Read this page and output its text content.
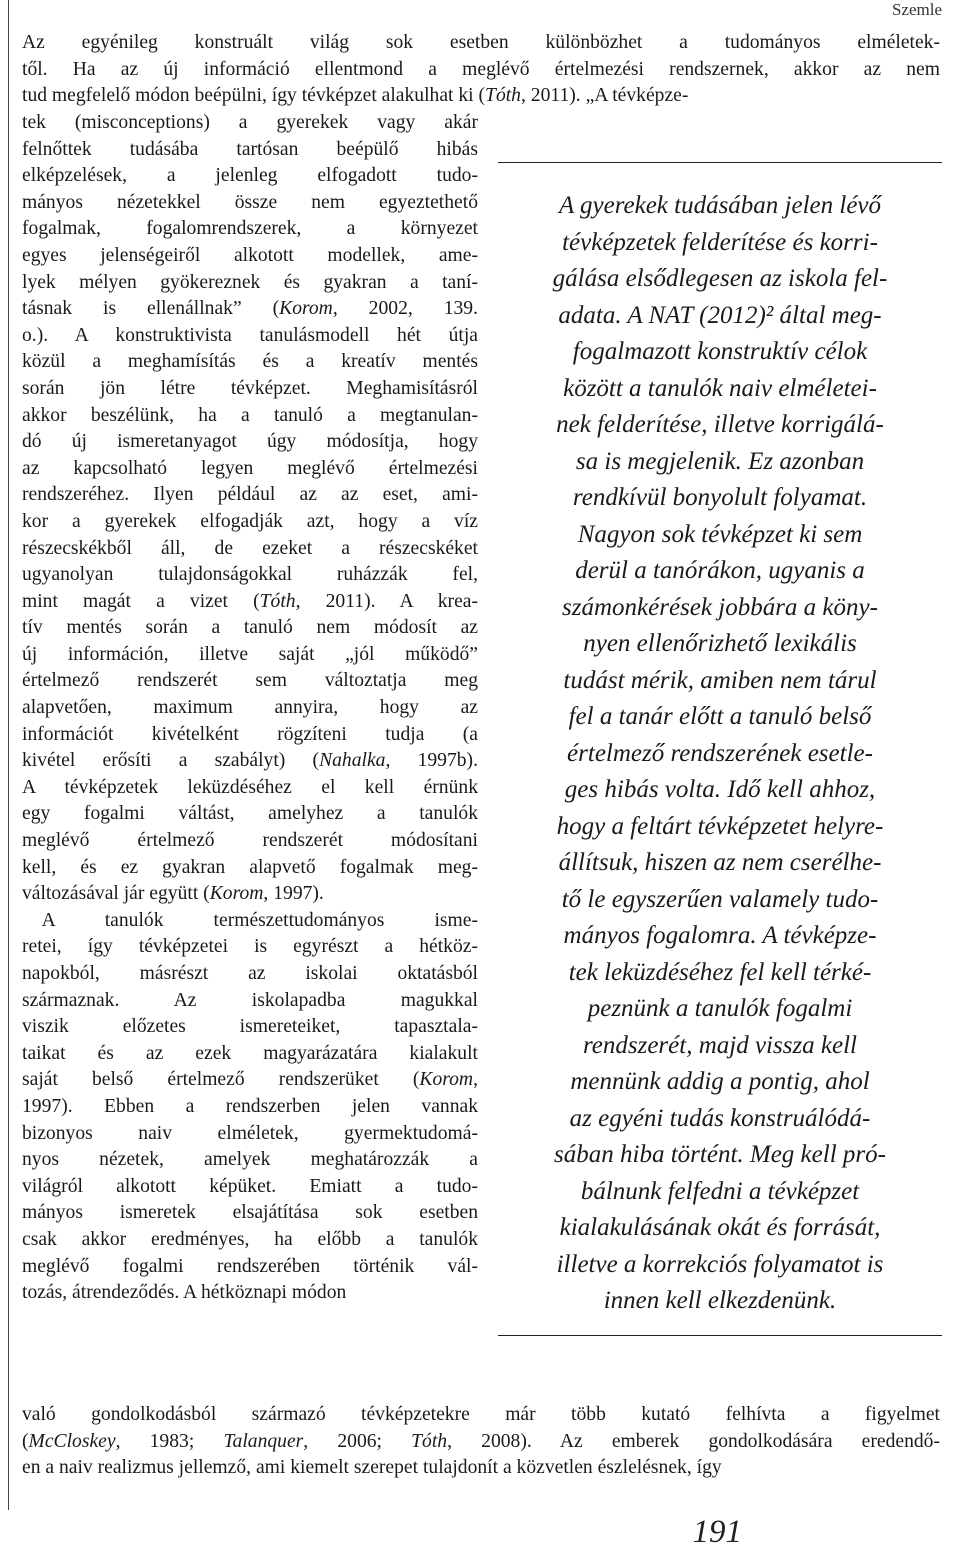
Szemle
Az egyénileg konstruált világ sok esetben különbözhet a tudományos elméletek-
től. Ha az új információ ellentmond a meglévő értelmezési rendszernek, akkor az nem
tud megfelelő módon beépülni, így tévképzet alakulhat ki (Tóth, 2011). „A tévképze-
tek (misconceptions) a gyerekek vagy akár
felnőttek tudásába tartósan beépülő hibás
elképzelések, a jelenleg elfogadott tudo-
mányos nézetekkel össze nem egyeztethető
fogalmak, fogalomrendszerek, a környezet
egyes jelenségeiről alkotott modellek, ame-
lyek mélyen gyökereznek és gyakran a taní-
tásnak is ellenállnak” (Korom, 2002, 139.
o.). A konstruktivista tanulásmodell hét útja
közül a meghamísítás és a kreatív mentés
során jön létre tévképzet. Meghamisításról
akkor beszélünk, ha a tanuló a megtanulan-
dó új ismeretanyagot úgy módosítja, hogy
az kapcsolható legyen meglévő értelmezési
rendszeréhez. Ilyen például az az eset, ami-
kor a gyerekek elfogadják azt, hogy a víz
részecskékből áll, de ezeket a részecskéket
ugyanolyan tulajdonságokkal ruházzák fel,
mint magát a vizet (Tóth, 2011). A krea-
tív mentés során a tanuló nem módosít az
új információn, illetve saját „jól működő”
értelmező rendszerét sem változtatja meg
alapvetően, maximum annyira, hogy az
információt kivételként rögzíteni tudja (a
kivétel erősíti a szabályt) (Nahalka, 1997b).
A tévképzetek leküzdéséhez el kell érnünk
egy fogalmi váltást, amelyhez a tanulók
meglévő értelmező rendszerét módosítani
kell, és ez gyakran alapvető fogalmak meg-
változásával jár együtt (Korom, 1997).
 A tanulók természettudományos isme-
retei, így tévképzetei is egyrészt a hétköz-
napokból, másrészt az iskolai oktatásból
származnak. Az iskolapadba magukkal
viszik előzetes ismereteiket, tapasztala-
taikat és az ezek magyarázatára kialakult
saját belső értelmező rendszerüket (Korom,
1997). Ebben a rendszerben jelen vannak
bizonyos naiv elméletek, gyermektudomá-
nyos nézetek, amelyek meghatározzák a
világról alkotott képüket. Emiatt a tudo-
mányos ismeretek elsajátítása sok esetben
csak akkor eredményes, ha előbb a tanulók
meglévő fogalmi rendszerében történik vál-
tozás, átrendeződés. A hétköznapi módon
A gyerekek tudásában jelen lévő
tévképzetek felderítése és korri-
gálása elsődlegesen az iskola fel-
adata. A NAT (2012)² által meg-
fogalmazott konstruktív célok
között a tanulók naiv elméletei-
nek felderítése, illetve korrigálá-
sa is megjelenik. Ez azonban
rendkívül bonyolult folyamat.
Nagyon sok tévképzet ki sem
derül a tanórákon, ugyanis a
számonkérések jobbára a köny-
nyen ellenőrizhető lexikális
tudást mérik, amiben nem tárul
fel a tanár előtt a tanuló belső
értelmező rendszerének esetle-
ges hibás volta. Idő kell ahhoz,
hogy a feltárt tévképzetet helyre-
állítsuk, hiszen az nem cserélhe-
tő le egyszerűen valamely tudo-
mányos fogalomra. A tévképze-
tek leküzdéséhez fel kell térké-
peznünk a tanulók fogalmi
rendszerét, majd vissza kell
mennünk addig a pontig, ahol
az egyéni tudás konstruálódá-
sában hiba történt. Meg kell pró-
bálnunk felfedni a tévképzet
kialakulásának okát és forrását,
illetve a korrekciós folyamatot is
innen kell elkezdenünk.
való gondolkodásból származó tévképzetekre már több kutató felhívta a figyelmet
(McCloskey, 1983; Talanquer, 2006; Tóth, 2008). Az emberek gondolkodására eredendő-
en a naiv realizmus jellemző, ami kiemelt szerepet tulajdonít a közvetlen észlelésnek, így
191
